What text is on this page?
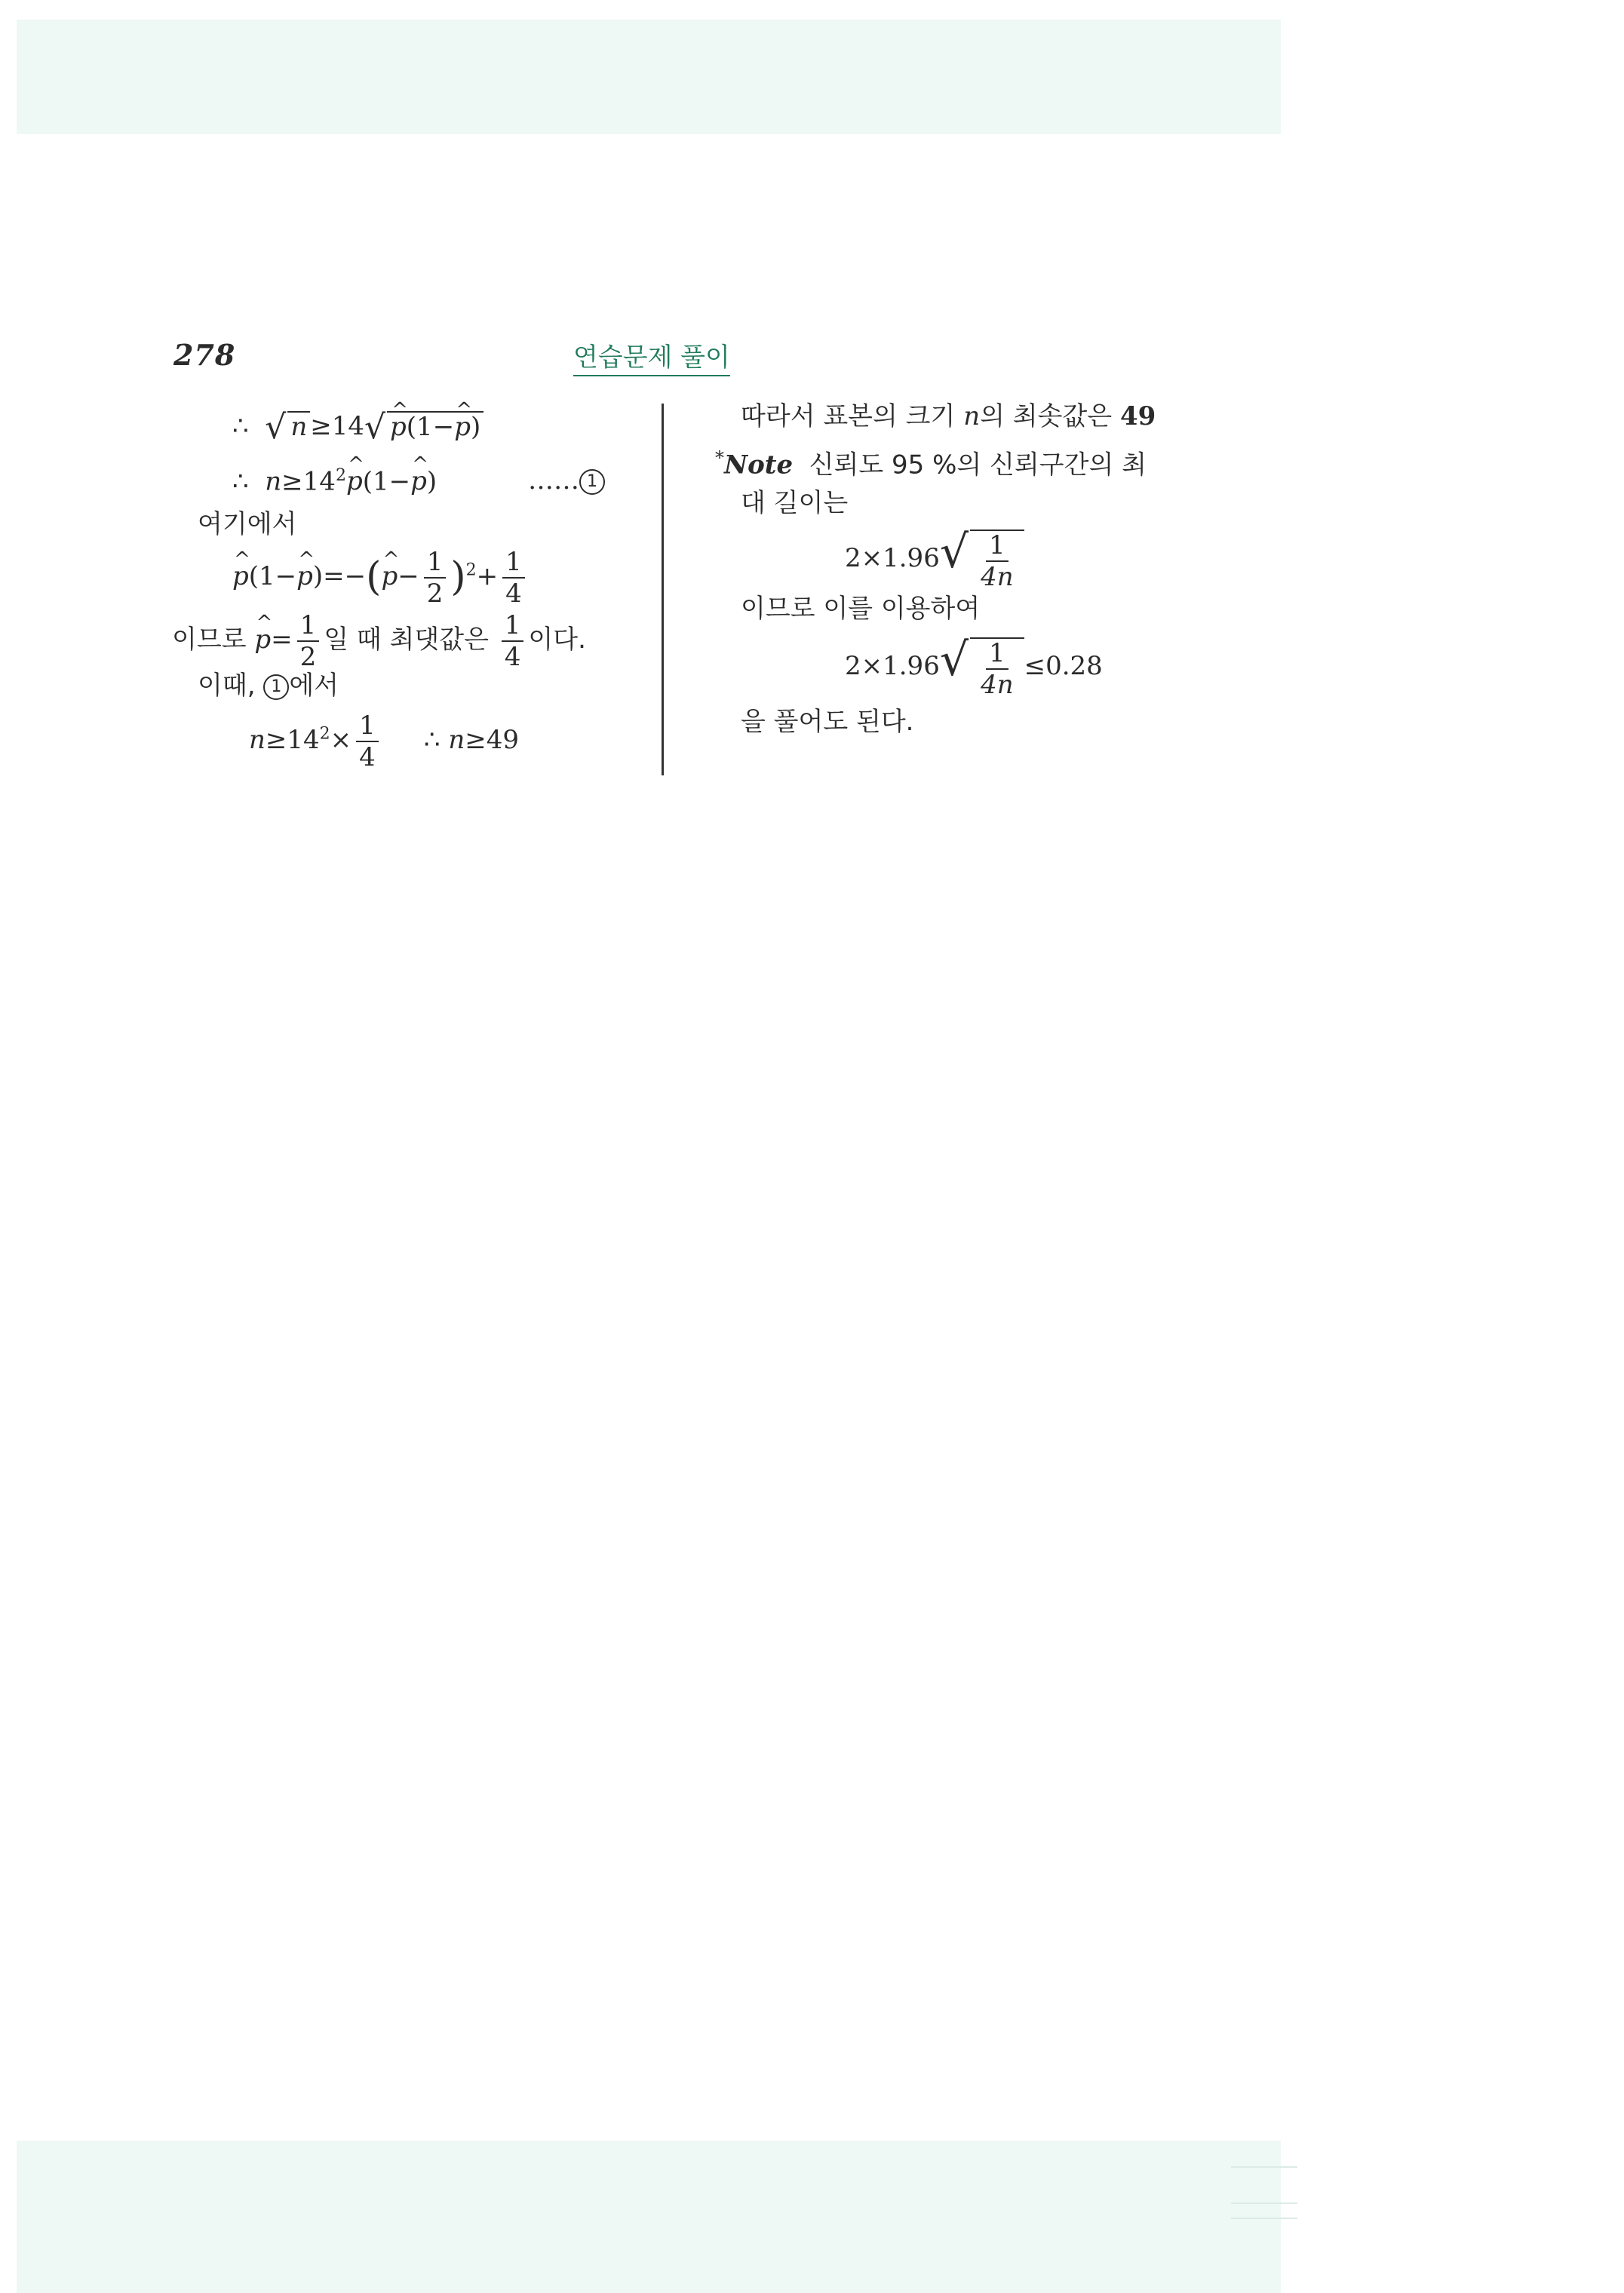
278	연습문제 풀이
∴ √ n ≥14 √
^ p(1−^ p)
∴ $n\ge 14^2\^{}$ p(1−^ p)	…… 1
여기에서
^ p(1−^ p)=−(^ $p- \frac{1}{2} )^2+ \frac{1}{4}$
이므로 ^ $p= \frac{1}{2}$ 일 때 최댓값은 $\frac{1}{4}$ 이다.
이때, 1 에서
$n\ge 14^2\times \frac{1}{4}$ ∴ n≥49
따라서 표본의 크기 n의 최솟값은 49
*Note  신뢰도 95 %의 신뢰구간의 최
대 길이는
2×1.96 √ $\frac{1}{4n}$
이므로 이를 이용하여
2×1.96 √ $\frac{1}{4n} \le 0.28$
을 풀어도 된다.
